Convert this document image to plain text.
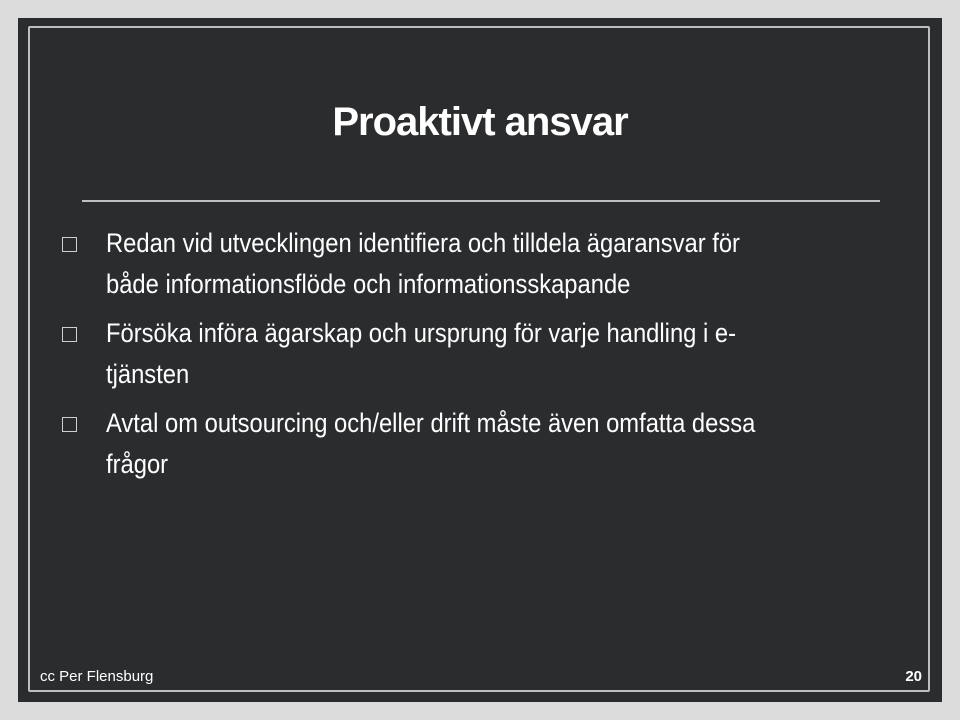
Proaktivt ansvar
Redan vid utvecklingen identifiera och tilldela ägaransvar för
både informationsflöde och informationsskapande
Försöka införa ägarskap och ursprung för varje handling i e-
tjänsten
Avtal om outsourcing och/eller drift måste även omfatta dessa
frågor
cc Per Flensburg	20
